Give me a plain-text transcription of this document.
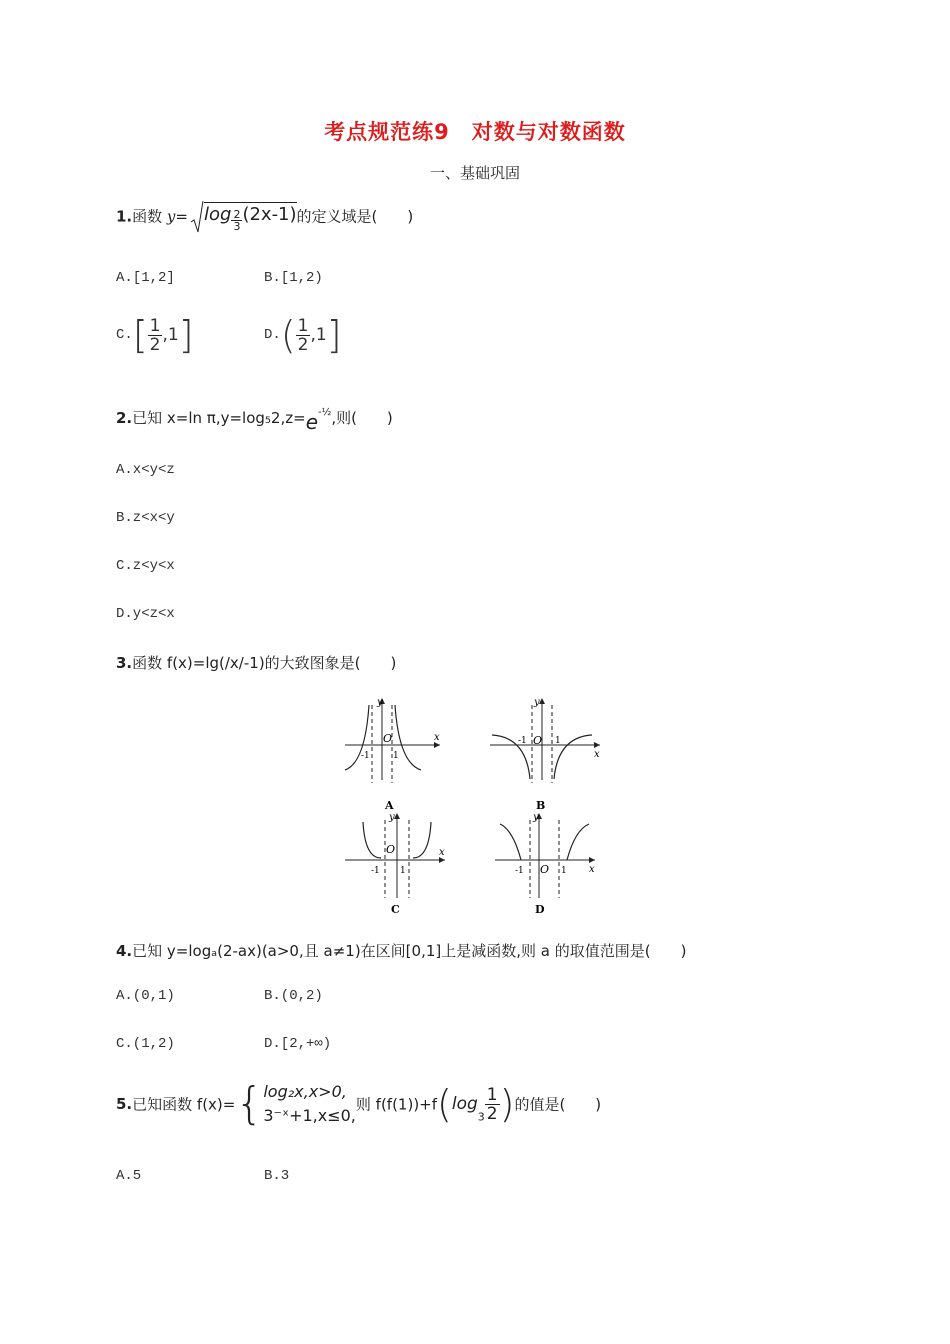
考点规范练9　对数与对数函数
一、基础巩固
1.函数 $y= \log \frac{2}{3} (2x-1)$的定义域是(　　)
A.[1,2]	B.[1,2)
$C.[ \frac{1}{2} ,1]$	$D.( \frac{1}{2} ,1]$
2.已知 x=ln $\pi,y=\log_52,z=e^{-\frac{1}{2}}$,则(　　)
A.x<y<z
B.z<x<y
C.z<y<x
D.y<z<x
3.函数 f(x)=lg(/x/-1)的大致图象是(　　)
x
y
O
-1	1
A
x
y
O
-1	1
B
x
y
O
-1 1
C
x
y
O
-1	1
D
4.已知 y=logₐ(2-ax)(a>0,且 a≠1)在区间[0,1]上是减函数,则 a 的取值范围是(　　)
A.(0,1)	B.(0,2)
C.(1,2)	D.[2,+∞)
5.已知函数 f(x)={ log₂x,x>0,
3⁻ˣ+1,x≤0,
则 $f(f(1))+f(\log_3 \frac{1}{2}$ )的值是(　　)
A.5	B.3
